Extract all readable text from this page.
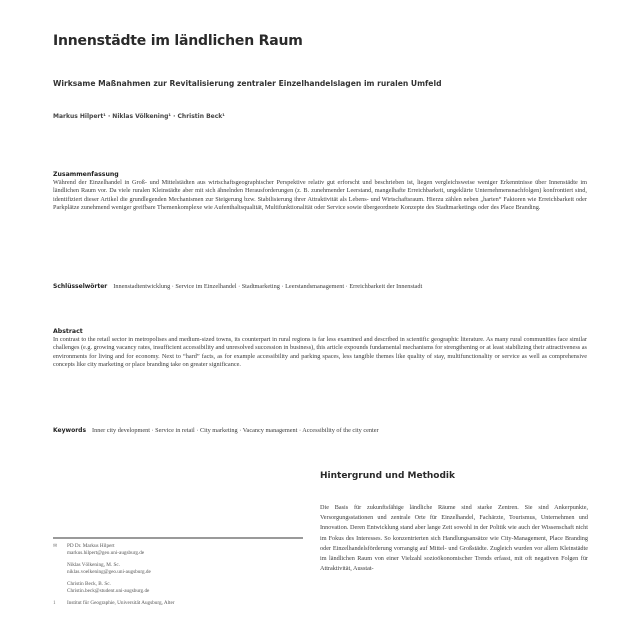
Innenstädte im ländlichen Raum
Wirksame Maßnahmen zur Revitalisierung zentraler Einzelhandelslagen im ruralen Umfeld
Markus Hilpert¹ · Niklas Völkening¹ · Christin Beck¹
Zusammenfassung
Während der Einzelhandel in Groß- und Mittelstädten aus wirtschaftsgeographischer Perspektive relativ gut erforscht und beschrieben ist, liegen vergleichsweise weniger Erkenntnisse über Innenstädte im ländlichen Raum vor. Da viele ruralen Kleinstädte aber mit sich ähnelnden Herausforderungen (z. B. zunehmender Leerstand, mangelhafte Erreichbarkeit, ungeklärte Unternehmensnachfolgen) konfrontiert sind, identifiziert dieser Artikel die grundlegenden Mechanismen zur Steigerung bzw. Stabilisierung ihrer Attraktivität als Lebens- und Wirtschaftsraum. Hierzu zählen neben „harten“ Faktoren wie Erreichbarkeit oder Parkplätze zunehmend weniger greifbare Themenkomplexe wie Aufenthaltsqualität, Multifunktionalität oder Service sowie übergeordnete Konzepte des Stadtmarketings oder des Place Branding.
Schlüsselwörter Innenstadtentwicklung · Service im Einzelhandel · Stadtmarketing · Leerstandsmanagement · Erreichbarkeit der Innenstadt
Abstract
In contrast to the retail sector in metropolises and medium-sized towns, its counterpart in rural regions is far less examined and described in scientific geographic literature. As many rural communities face similar challenges (e.g. growing vacancy rates, insufficient accessibility and unresolved succession in business), this article expounds fundamental mechanisms for strengthening or at least stabilizing their attractiveness as environments for living and for economy. Next to “hard” facts, as for example accessibility and parking spaces, less tangible themes like quality of stay, multifunctionality or service as well as comprehensive concepts like city marketing or place branding take on greater significance.
Keywords Inner city development · Service in retail · City marketing · Vacancy management · Accessibility of the city center
Hintergrund und Methodik
Die Basis für zukunftsfähige ländliche Räume sind starke Zentren. Sie sind Ankerpunkte, Versorgungsstationen und zentrale Orte für Einzelhandel, Fachärzte, Tourismus, Unternehmen und Innovation. Deren Entwicklung stand aber lange Zeit sowohl in der Politik wie auch der Wissenschaft nicht im Fokus des Interesses. So konzentrierten sich Handlungsansätze wie City-Management, Place Branding oder Einzelhandelsförderung vorrangig auf Mittel- und Großstädte. Zugleich wurden vor allem Kleinstädte im ländlichen Raum von einer Vielzahl sozioökonomischer Trends erfasst, mit oft negativen Folgen für Attraktivität, Ausstat-
✉ PD Dr. Markus Hilpert
markus.hilpert@geo.uni-augsburg.de
Niklas Völkening, M. Sc.
niklas.voelkening@geo.uni-augsburg.de
Christin Beck, B. Sc.
Christin.beck@student.uni-augsburg.de
1 Institut für Geographie, Universität Augsburg, Alter
